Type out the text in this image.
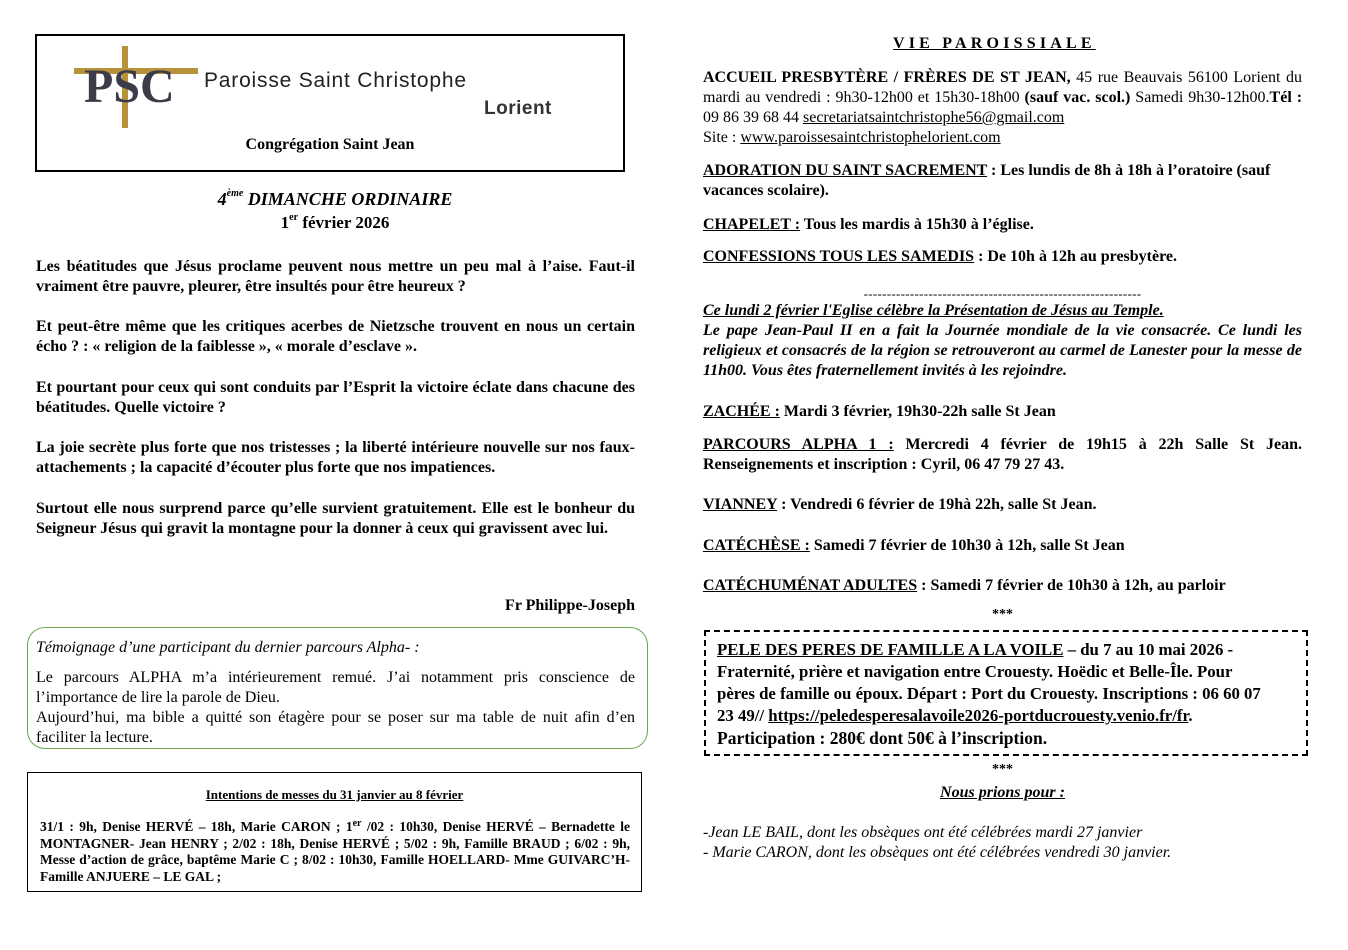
PSC Paroisse Saint Christophe
Lorient
Congrégation Saint Jean
4ème DIMANCHE ORDINAIRE
1er février 2026

Les béatitudes que Jésus proclame peuvent nous mettre un peu mal à l’aise. Faut-il vraiment être pauvre, pleurer, être insultés pour être heureux ?

Et peut-être même que les critiques acerbes de Nietzsche trouvent en nous un certain écho ? : « religion de la faiblesse », « morale d’esclave ».

Et pourtant pour ceux qui sont conduits par l’Esprit la victoire éclate dans chacune des béatitudes. Quelle victoire ?

La joie secrète plus forte que nos tristesses ; la liberté intérieure nouvelle sur nos faux-attachements ; la capacité d’écouter plus forte que nos impatiences.

Surtout elle nous surprend parce qu’elle survient gratuitement. Elle est le bonheur du Seigneur Jésus qui gravit la montagne pour la donner à ceux qui gravissent avec lui.

Fr Philippe-Joseph
Témoignage d’une participant du dernier parcours Alpha- :

Le parcours ALPHA m’a intérieurement remué. J’ai notamment pris conscience de l’importance de lire la parole de Dieu.

Aujourd’hui, ma bible a quitté son étagère pour se poser sur ma table de nuit afin d’en faciliter la lecture.

Intentions de messes du 31 janvier au 8 février
31/1 : 9h, Denise HERVÉ – 18h, Marie CARON ; 1er /02 : 10h30, Denise HERVÉ – Bernadette le MONTAGNER- Jean HENRY ; 2/02 : 18h, Denise HERVÉ ; 5/02 : 9h, Famille BRAUD ; 6/02 : 9h, Messe d’action de grâce, baptême Marie C ; 8/02 : 10h30, Famille HOELLARD- Mme GUIVARC’H- Famille ANJUERE – LE GAL ;
VIE PAROISSIALE
ACCUEIL PRESBYTÈRE / FRÈRES DE ST JEAN, 45 rue Beauvais 56100 Lorient du mardi au vendredi : 9h30-12h00 et 15h30-18h00 (sauf vac. scol.) Samedi 9h30-12h00.Tél : 09 86 39 68 44 secretariatsaintchristophe56@gmail.com
Site : www.paroissesaintchristophelorient.com
ADORATION DU SAINT SACREMENT : Les lundis de 8h à 18h à l’oratoire (sauf vacances scolaire).
CHAPELET : Tous les mardis à 15h30 à l’église.
CONFESSIONS TOUS LES SAMEDIS : De 10h à 12h au presbytère.
------------------------------------------------------------
Ce lundi 2 février l'Eglise célèbre la Présentation de Jésus au Temple.
Le pape Jean-Paul II en a fait la Journée mondiale de la vie consacrée. Ce lundi les religieux et consacrés de la région se retrouveront au carmel de Lanester pour la messe de 11h00. Vous êtes fraternellement invités à les rejoindre.
ZACHÉE : Mardi 3 février, 19h30-22h salle St Jean
PARCOURS ALPHA 1 : Mercredi 4 février de 19h15 à 22h Salle St Jean. Renseignements et inscription : Cyril, 06 47 79 27 43.
VIANNEY : Vendredi 6 février de 19hà 22h, salle St Jean.
CATÉCHÈSE : Samedi 7 février de 10h30 à 12h, salle St Jean
CATÉCHUMÉNAT ADULTES : Samedi 7 février de 10h30 à 12h, au parloir
***
PELE DES PERES DE FAMILLE A LA VOILE – du 7 au 10 mai 2026 - Fraternité, prière et navigation entre Crouesty. Hoëdic et Belle-Île. Pour pères de famille ou époux. Départ : Port du Crouesty. Inscriptions : 06 60 07 23 49// https://peledesperesalavoile2026-portducrouesty.venio.fr/fr.
Participation : 280€ dont 50€ à l’inscription.
***
Nous prions pour :

-Jean LE BAIL, dont les obsèques ont été célébrées mardi 27 janvier

- Marie CARON, dont les obsèques ont été célébrées vendredi 30 janvier.
